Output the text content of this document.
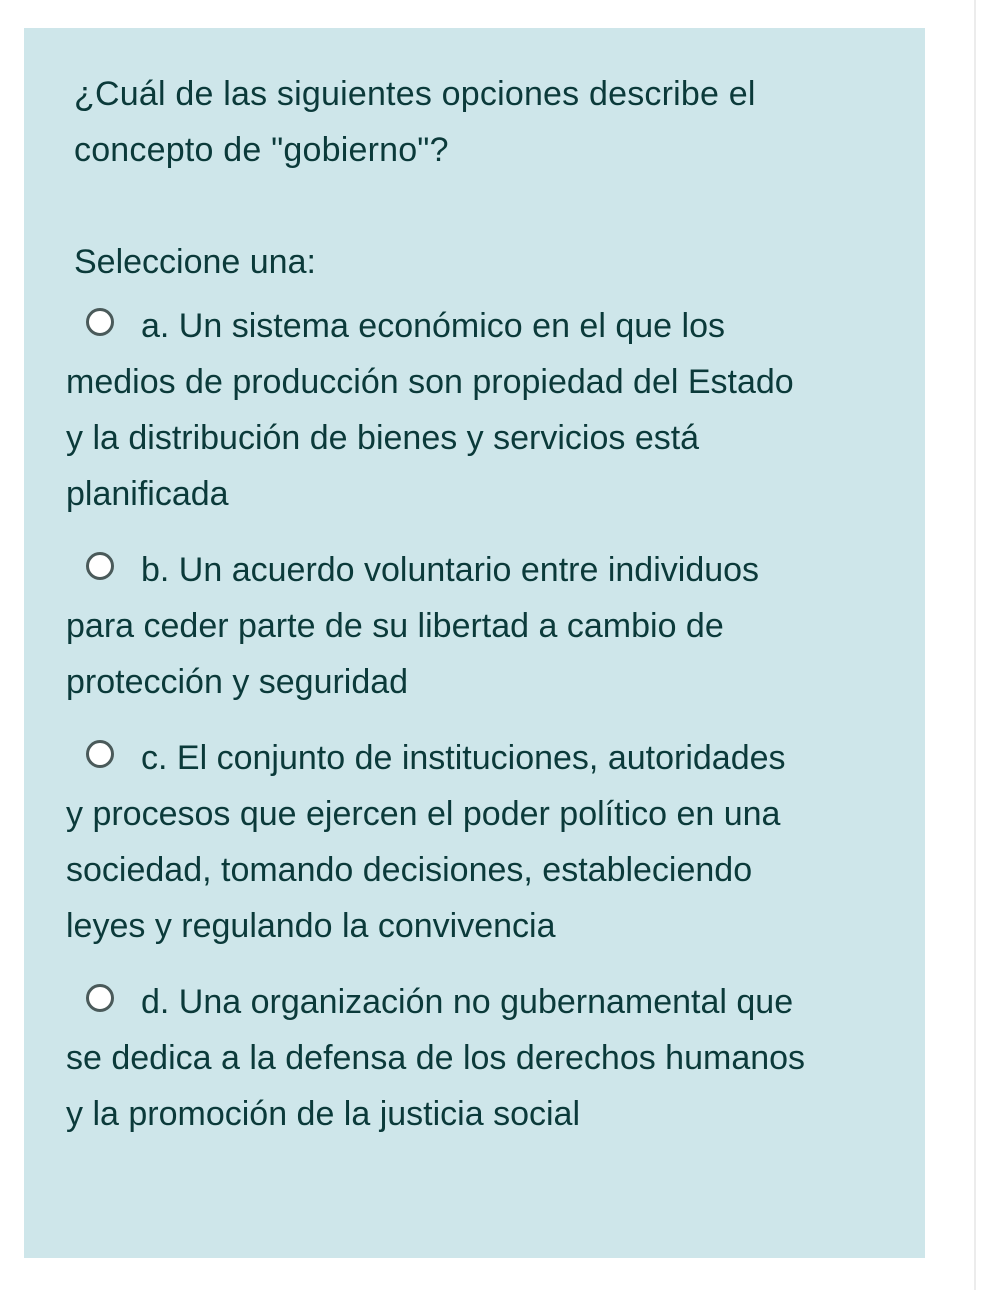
¿Cuál de las siguientes opciones describe el concepto de "gobierno"?

Seleccione una:

a. Un sistema económico en el que los medios de producción son propiedad del Estado y la distribución de bienes y servicios está planificada
b. Un acuerdo voluntario entre individuos para ceder parte de su libertad a cambio de protección y seguridad
c. El conjunto de instituciones, autoridades y procesos que ejercen el poder político en una sociedad, tomando decisiones, estableciendo leyes y regulando la convivencia
d. Una organización no gubernamental que se dedica a la defensa de los derechos humanos y la promoción de la justicia social
